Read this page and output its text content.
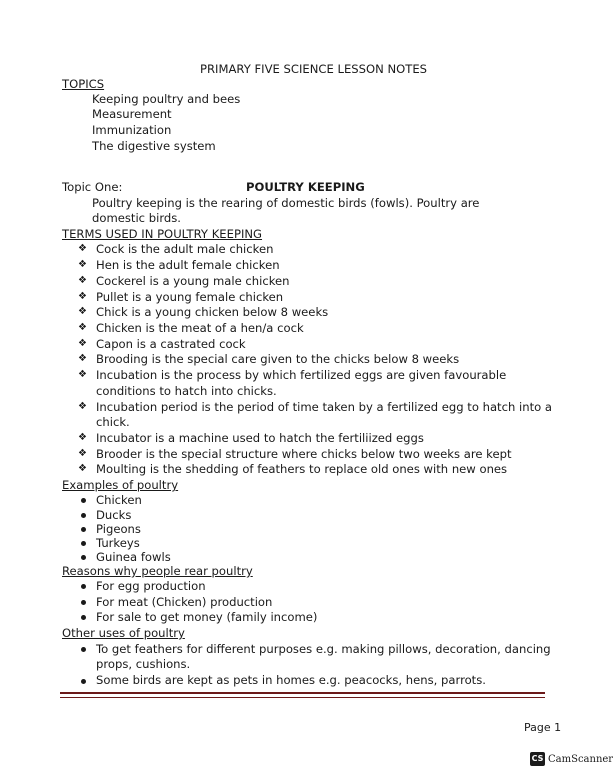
PRIMARY FIVE SCIENCE LESSON NOTES
TOPICS
Keeping poultry and bees
Measurement
Immunization
The digestive system
Topic One:	POULTRY KEEPING
Poultry keeping is the rearing of domestic birds (fowls). Poultry are
domestic birds.
TERMS USED IN POULTRY KEEPING
❖ Cock is the adult male chicken
❖ Hen is the adult female chicken
❖ Cockerel is a young male chicken
❖ Pullet is a young female chicken
❖ Chick is a young chicken below 8 weeks
❖ Chicken is the meat of a hen/a cock
❖ Capon is a castrated cock
❖ Brooding is the special care given to the chicks below 8 weeks
❖ Incubation is the process by which fertilized eggs are given favourable
conditions to hatch into chicks.
❖ Incubation period is the period of time taken by a fertilized egg to hatch into a
chick.
❖ Incubator is a machine used to hatch the fertiliized eggs
❖ Brooder is the special structure where chicks below two weeks are kept
❖ Moulting is the shedding of feathers to replace old ones with new ones
Examples of poultry
Chicken
Ducks
Pigeons
Turkeys
Guinea fowls
Reasons why people rear poultry
For egg production
For meat (Chicken) production
For sale to get money (family income)
Other uses of poultry
To get feathers for different purposes e.g. making pillows, decoration, dancing
props, cushions.
Some birds are kept as pets in homes e.g. peacocks, hens, parrots.
Page 1
CS CamScanner
